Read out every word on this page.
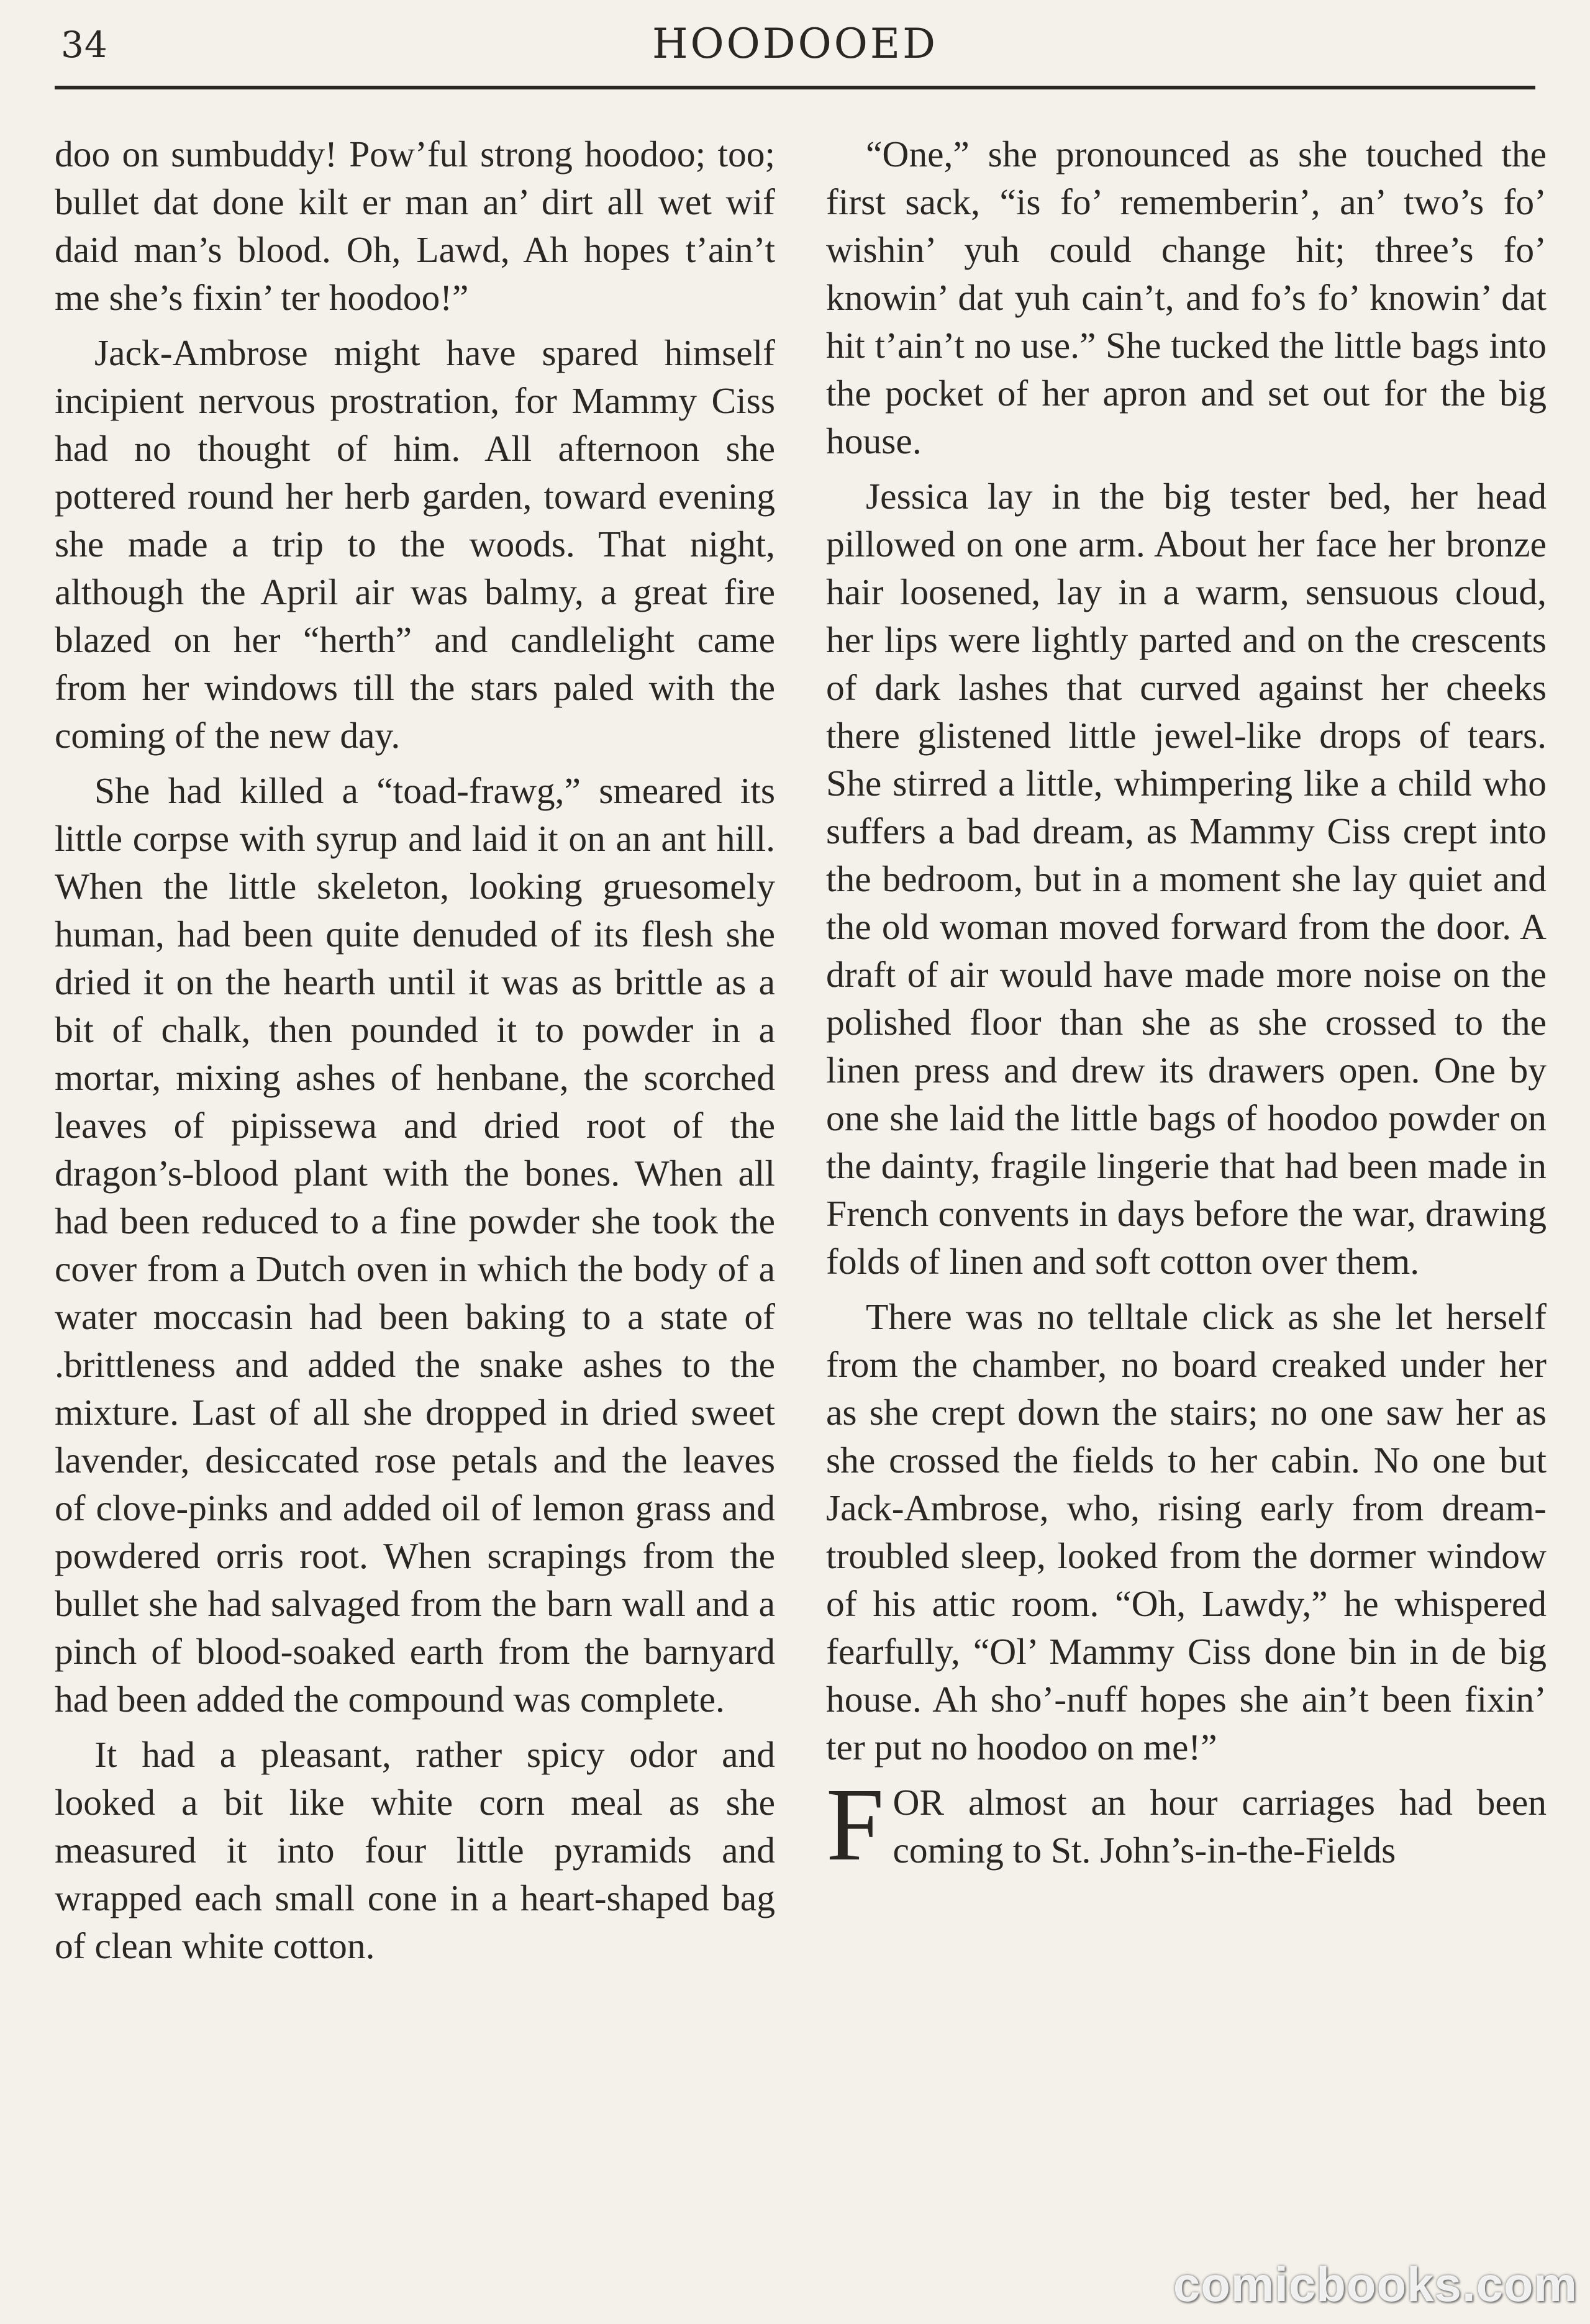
34	HOODOOED

doo on sumbuddy! Pow’ful strong hoodoo; too; bullet dat done kilt er man an’ dirt all wet wif daid man’s blood. Oh, Lawd, Ah hopes t’ain’t me she’s fixin’ ter hoodoo!”

Jack-Ambrose might have spared himself incipient nervous prostration, for Mammy Ciss had no thought of him. All afternoon she pottered round her herb garden, toward evening she made a trip to the woods. That night, although the April air was balmy, a great fire blazed on her “herth” and candlelight came from her windows till the stars paled with the coming of the new day.

She had killed a “toad-frawg,” smeared its little corpse with syrup and laid it on an ant hill. When the little skeleton, looking gruesomely human, had been quite denuded of its flesh she dried it on the hearth until it was as brittle as a bit of chalk, then pounded it to powder in a mortar, mixing ashes of henbane, the scorched leaves of pipissewa and dried root of the dragon’s-blood plant with the bones. When all had been reduced to a fine powder she took the cover from a Dutch oven in which the body of a water moccasin had been baking to a state of .brittleness and added the snake ashes to the mixture. Last of all she dropped in dried sweet lavender, desiccated rose petals and the leaves of clove-pinks and added oil of lemon grass and powdered orris root. When scrapings from the bullet she had salvaged from the barn wall and a pinch of blood-soaked earth from the barnyard had been added the compound was complete.

It had a pleasant, rather spicy odor and looked a bit like white corn meal as she measured it into four little pyramids and wrapped each small cone in a heart-shaped bag of clean white cotton.

“One,” she pronounced as she touched the first sack, “is fo’ rememberin’, an’ two’s fo’ wishin’ yuh could change hit; three’s fo’ knowin’ dat yuh cain’t, and fo’s fo’ knowin’ dat hit t’ain’t no use.” She tucked the little bags into the pocket of her apron and set out for the big house.

Jessica lay in the big tester bed, her head pillowed on one arm. About her face her bronze hair loosened, lay in a warm, sensuous cloud, her lips were lightly parted and on the crescents of dark lashes that curved against her cheeks there glistened little jewel-like drops of tears. She stirred a little, whimpering like a child who suffers a bad dream, as Mammy Ciss crept into the bedroom, but in a moment she lay quiet and the old woman moved forward from the door. A draft of air would have made more noise on the polished floor than she as she crossed to the linen press and drew its drawers open. One by one she laid the little bags of hoodoo powder on the dainty, fragile lingerie that had been made in French convents in days before the war, drawing folds of linen and soft cotton over them.

There was no telltale click as she let herself from the chamber, no board creaked under her as she crept down the stairs; no one saw her as she crossed the fields to her cabin. No one but Jack-Ambrose, who, rising early from dream-troubled sleep, looked from the dormer window of his attic room. “Oh, Lawdy,” he whispered fearfully, “Ol’ Mammy Ciss done bin in de big house. Ah sho’-nuff hopes she ain’t been fixin’ ter put no hoodoo on me!”

FOR almost an hour carriages had been coming to St. John’s-in-the-Fields

comicbooks.com
